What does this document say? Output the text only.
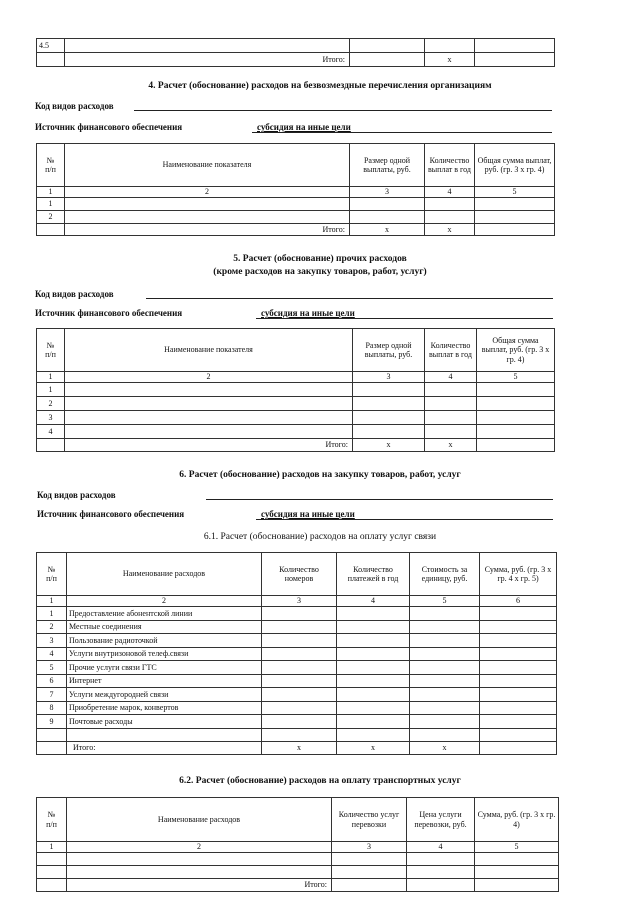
4.5				
	Итого:		x	
4. Расчет (обоснование) расходов на безвозмездные перечисления организациям
Код видов расходов
Источник финансового обеспечения	субсидия на иные цели
№
п/п	Наименование показателя	Размер одной выплаты, руб.	Количество выплат в год	Общая сумма выплат, руб. (гр. 3 х гр. 4)
1	2	3	4	5
1				
2				
	Итого:	x	x	
5. Расчет (обоснование) прочих расходов
(кроме расходов на закупку товаров, работ, услуг)
Код видов расходов
Источник финансового обеспечения	субсидия на иные цели
№
п/п	Наименование показателя	Размер одной выплаты, руб.	Количество выплат в год	Общая сумма выплат, руб. (гр. 3 х гр. 4)
1	2	3	4	5
1				
2				
3				
4				
	Итого:	x	x	
6. Расчет (обоснование) расходов на закупку товаров, работ, услуг
Код видов расходов
Источник финансового обеспечения	субсидия на иные цели
6.1. Расчет (обоснование) расходов на оплату услуг связи
№
п/п	Наименование расходов	Количество номеров	Количество платежей в год	Стоимость за единицу, руб.	Сумма, руб. (гр. 3 х гр. 4 х гр. 5)
1	2	3	4	5	6
1	Предоставление абонентской линии				
2	Местные соединения				
3	Пользование радиоточкой				
4	Услуги внутризоновой телеф.связи				
5	Прочие услуги связи ГТС				
6	Интернет				
7	Услуги междугородней связи				
8	Приобретение марок, конвертов				
9	Почтовые расходы				

	Итого:	x	x	x	
6.2. Расчет (обоснование) расходов на оплату транспортных услуг
№
п/п	Наименование расходов	Количество услуг перевозки	Цена услуги перевозки, руб.	Сумма, руб. (гр. 3 х гр. 4)
1	2	3	4	5

	Итого:			
